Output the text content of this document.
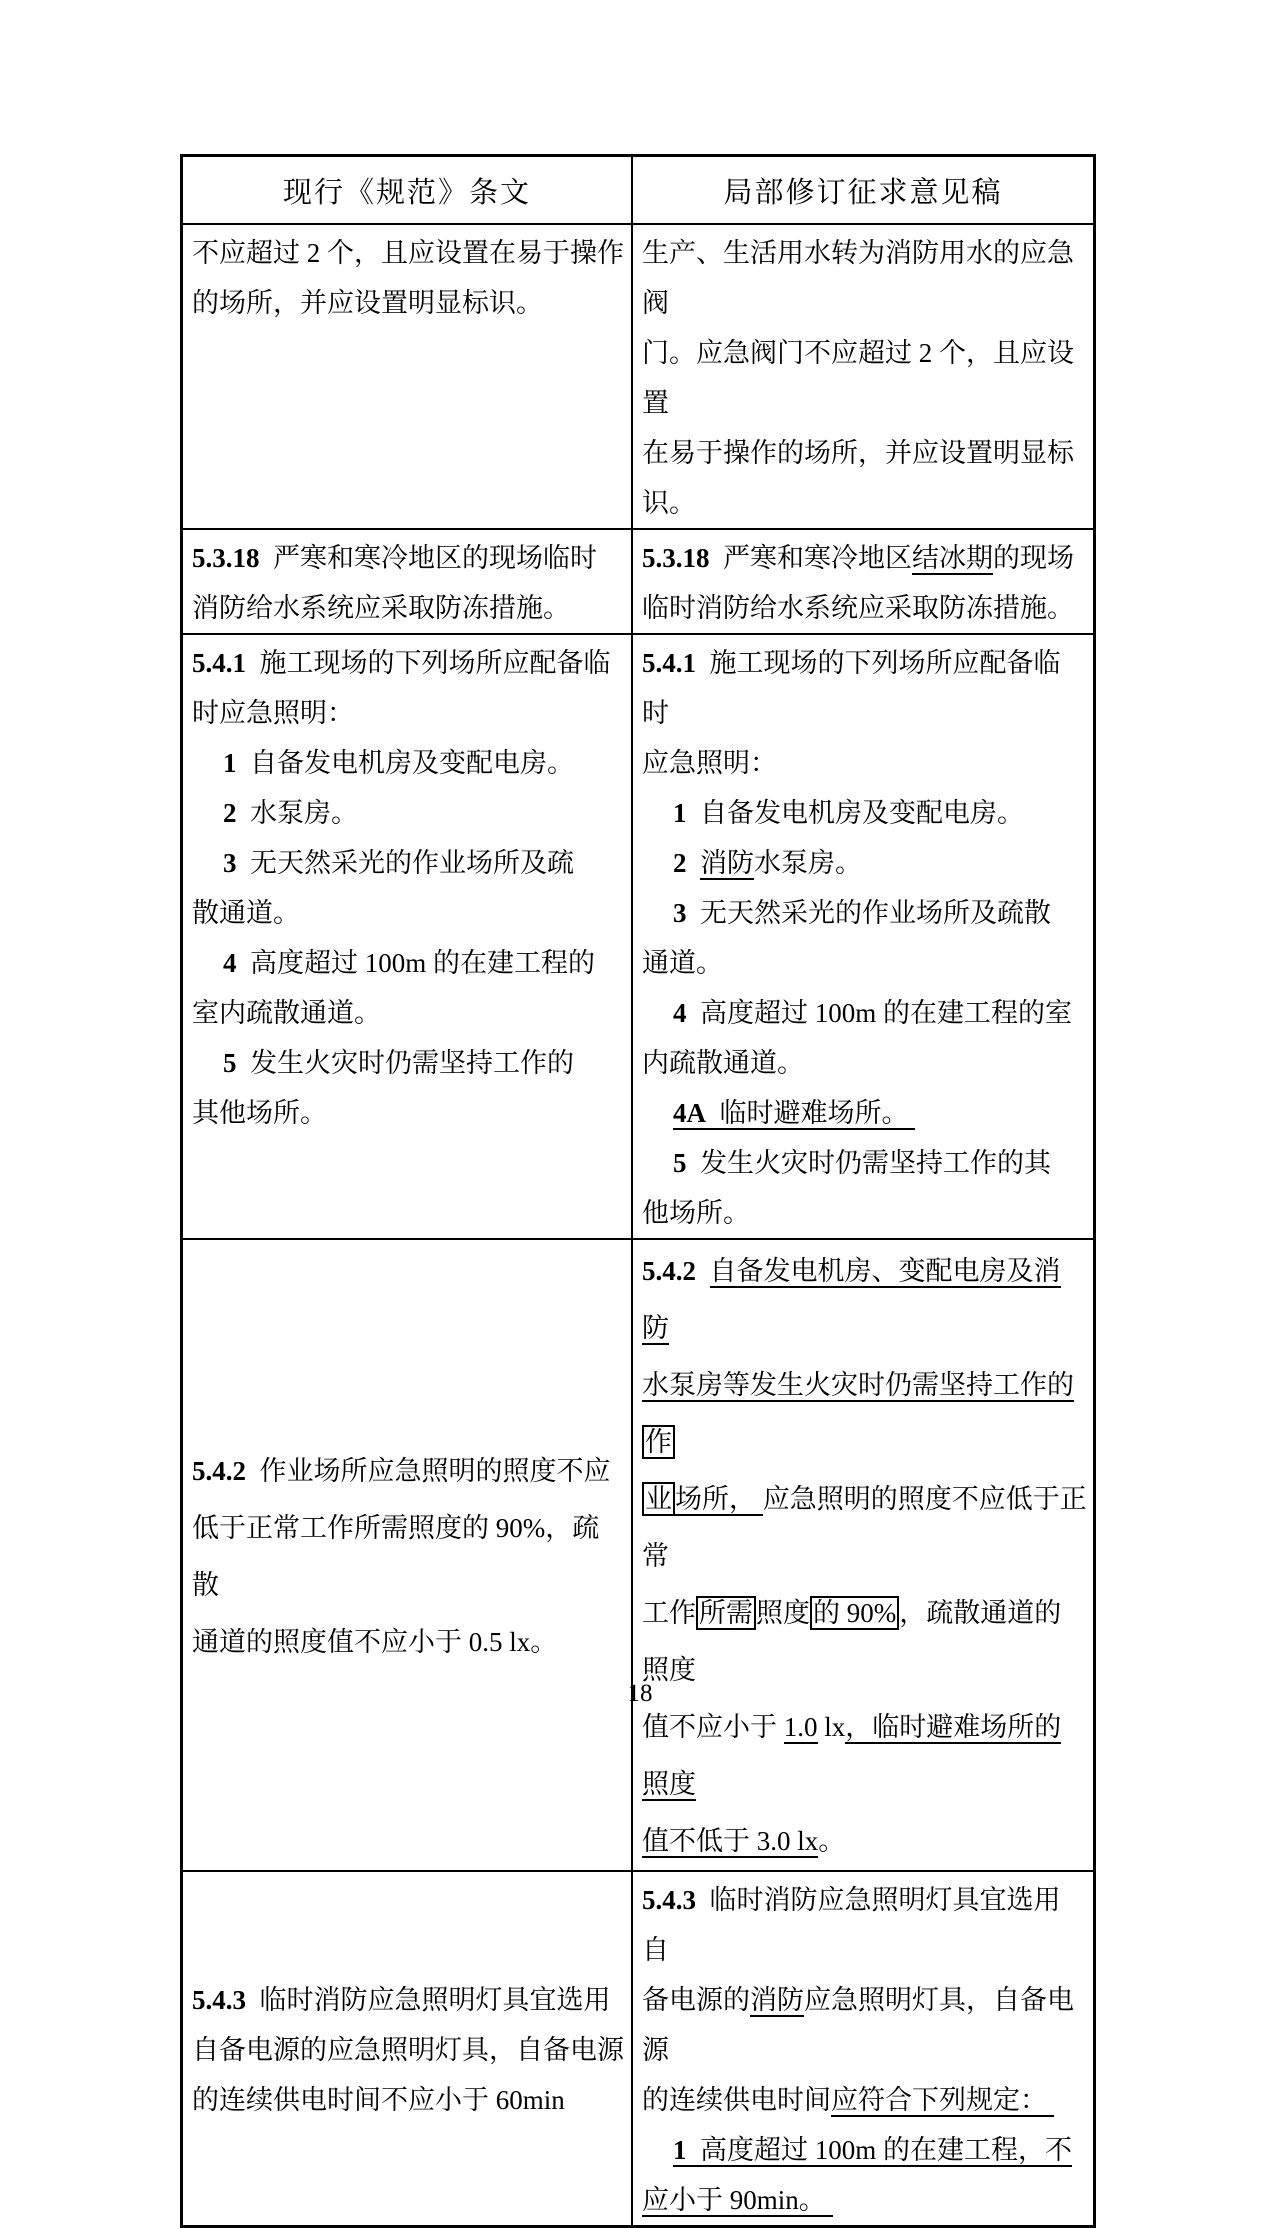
现行《规范》条文	局部修订征求意见稿
不应超过 2 个，且应设置在易于操作
的场所，并应设置明显标识。
生产、生活用水转为消防用水的应急阀
门。应急阀门不应超过 2 个，且应设置
在易于操作的场所，并应设置明显标识。
5.3.18  严寒和寒冷地区的现场临时
消防给水系统应采取防冻措施。
5.3.18  严寒和寒冷地区结冰期的现场
临时消防给水系统应采取防冻措施。
5.4.1  施工现场的下列场所应配备临
时应急照明：
1  自备发电机房及变配电房。
2  水泵房。
3  无天然采光的作业场所及疏
散通道。
4  高度超过 100m 的在建工程的
室内疏散通道。
5  发生火灾时仍需坚持工作的
其他场所。
5.4.1  施工现场的下列场所应配备临时
应急照明：
1  自备发电机房及变配电房。
2 消防水泵房。
3  无天然采光的作业场所及疏散
通道。
4  高度超过 100m 的在建工程的室
内疏散通道。
4A  临时避难场所。
5  发生火灾时仍需坚持工作的其
他场所。
5.4.2  作业场所应急照明的照度不应
低于正常工作所需照度的 90%，疏散
通道的照度值不应小于 0.5 lx。
5.4.2 自备发电机房、变配电房及消防
水泵房等发生火灾时仍需坚持工作的作
业 场所， 应急照明的照度不应低于正常
工作 所需 照度 的 90% ，疏散通道的照度
值不应小于 1.0 lx，临时避难场所的照度
值不低于 3.0 lx。
5.4.3  临时消防应急照明灯具宜选用
自备电源的应急照明灯具，自备电源
的连续供电时间不应小于 60min
5.4.3  临时消防应急照明灯具宜选用自
备电源的消防应急照明灯具，自备电源
的连续供电时间应符合下列规定：
1  高度超过 100m 的在建工程，不
应小于 90min。
18
